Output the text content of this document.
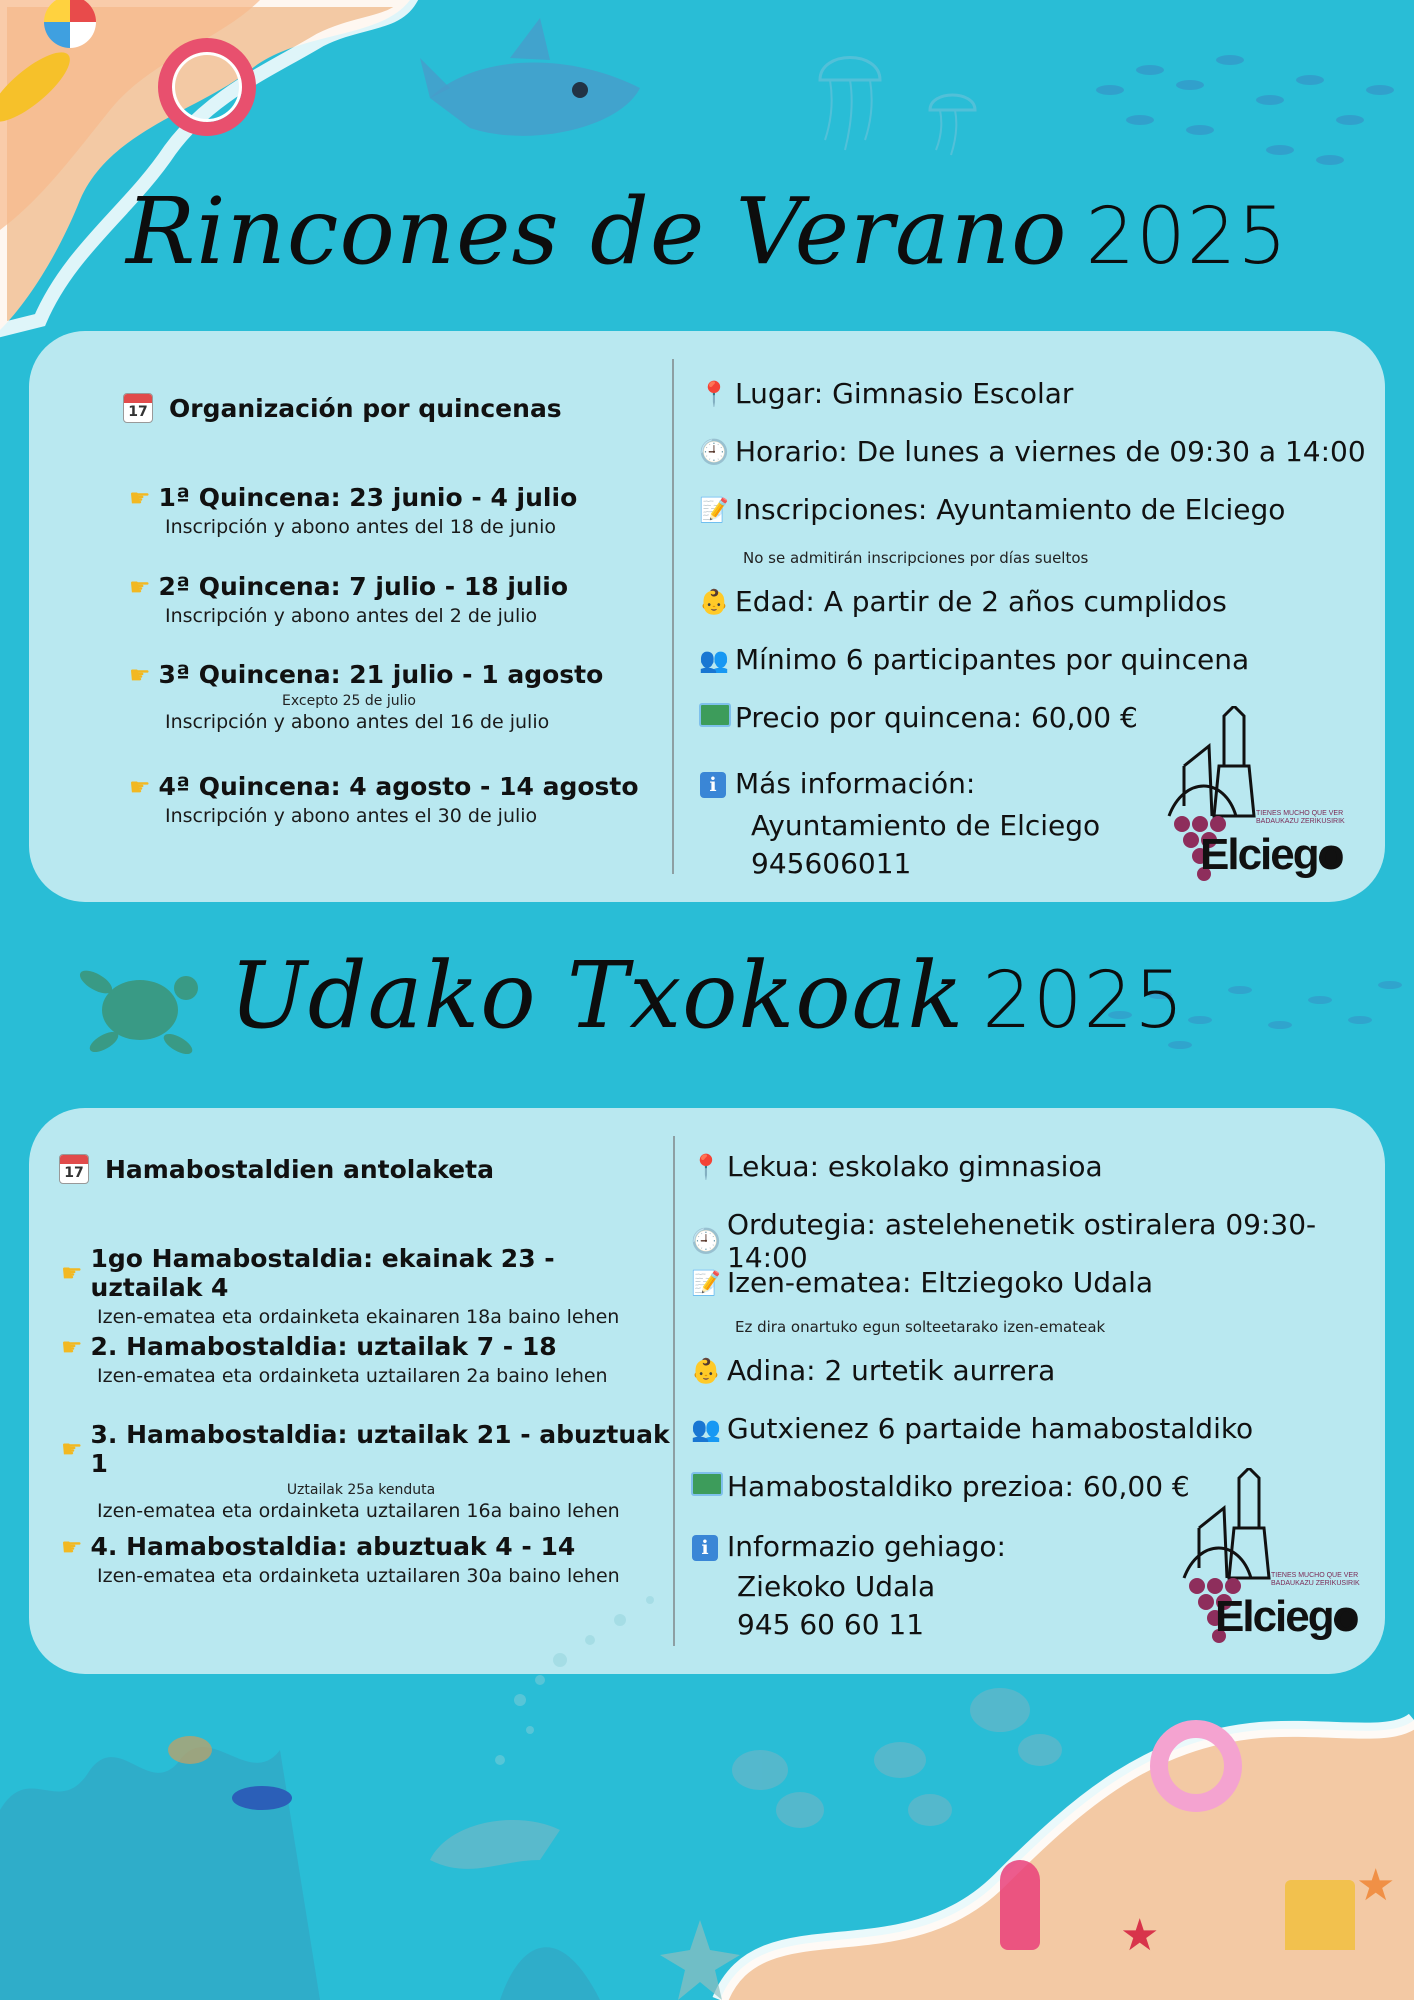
Rincones de Verano 2025
17 Organización por quincenas
☛ 1ª Quincena: 23 junio - 4 julio
Inscripción y abono antes del 18 de junio
☛ 2ª Quincena: 7 julio - 18 julio
Inscripción y abono antes del 2 de julio
☛ 3ª Quincena: 21 julio - 1 agosto
Excepto 25 de julio
Inscripción y abono antes del 16 de julio
☛ 4ª Quincena: 4 agosto - 14 agosto
Inscripción y abono antes el 30 de julio
📍 Lugar: Gimnasio Escolar
🕘 Horario: De lunes a viernes de 09:30 a 14:00
📝 Inscripciones: Ayuntamiento de Elciego
No se admitirán inscripciones por días sueltos
👶 Edad: A partir de 2 años cumplidos
👥 Mínimo 6 participantes por quincena
Precio por quincena: 60,00 €
i Más información:
Ayuntamiento de Elciego
945606011
TIENES MUCHO QUE VER
BADAUKAZU ZERIKUSIRIK
Elciego
Udako Txokoak 2025
17 Hamabostaldien antolaketa
☛ 1go Hamabostaldia: ekainak 23 - uztailak 4
Izen-ematea eta ordainketa ekainaren 18a baino lehen
☛ 2. Hamabostaldia: uztailak 7 - 18
Izen-ematea eta ordainketa uztailaren 2a baino lehen
☛ 3. Hamabostaldia: uztailak 21 - abuztuak 1
Uztailak 25a kenduta
Izen-ematea eta ordainketa uztailaren 16a baino lehen
☛ 4. Hamabostaldia: abuztuak 4 - 14
Izen-ematea eta ordainketa uztailaren 30a baino lehen
📍 Lekua: eskolako gimnasioa
🕘 Ordutegia: astelehenetik ostiralera 09:30-14:00
📝 Izen-ematea: Eltziegoko Udala
Ez dira onartuko egun solteetarako izen-emateak
👶 Adina: 2 urtetik aurrera
👥 Gutxienez 6 partaide hamabostaldiko
Hamabostaldiko prezioa: 60,00 €
i Informazio gehiago:
Ziekoko Udala
945 60 60 11
TIENES MUCHO QUE VER
BADAUKAZU ZERIKUSIRIK
Elciego
★
★
